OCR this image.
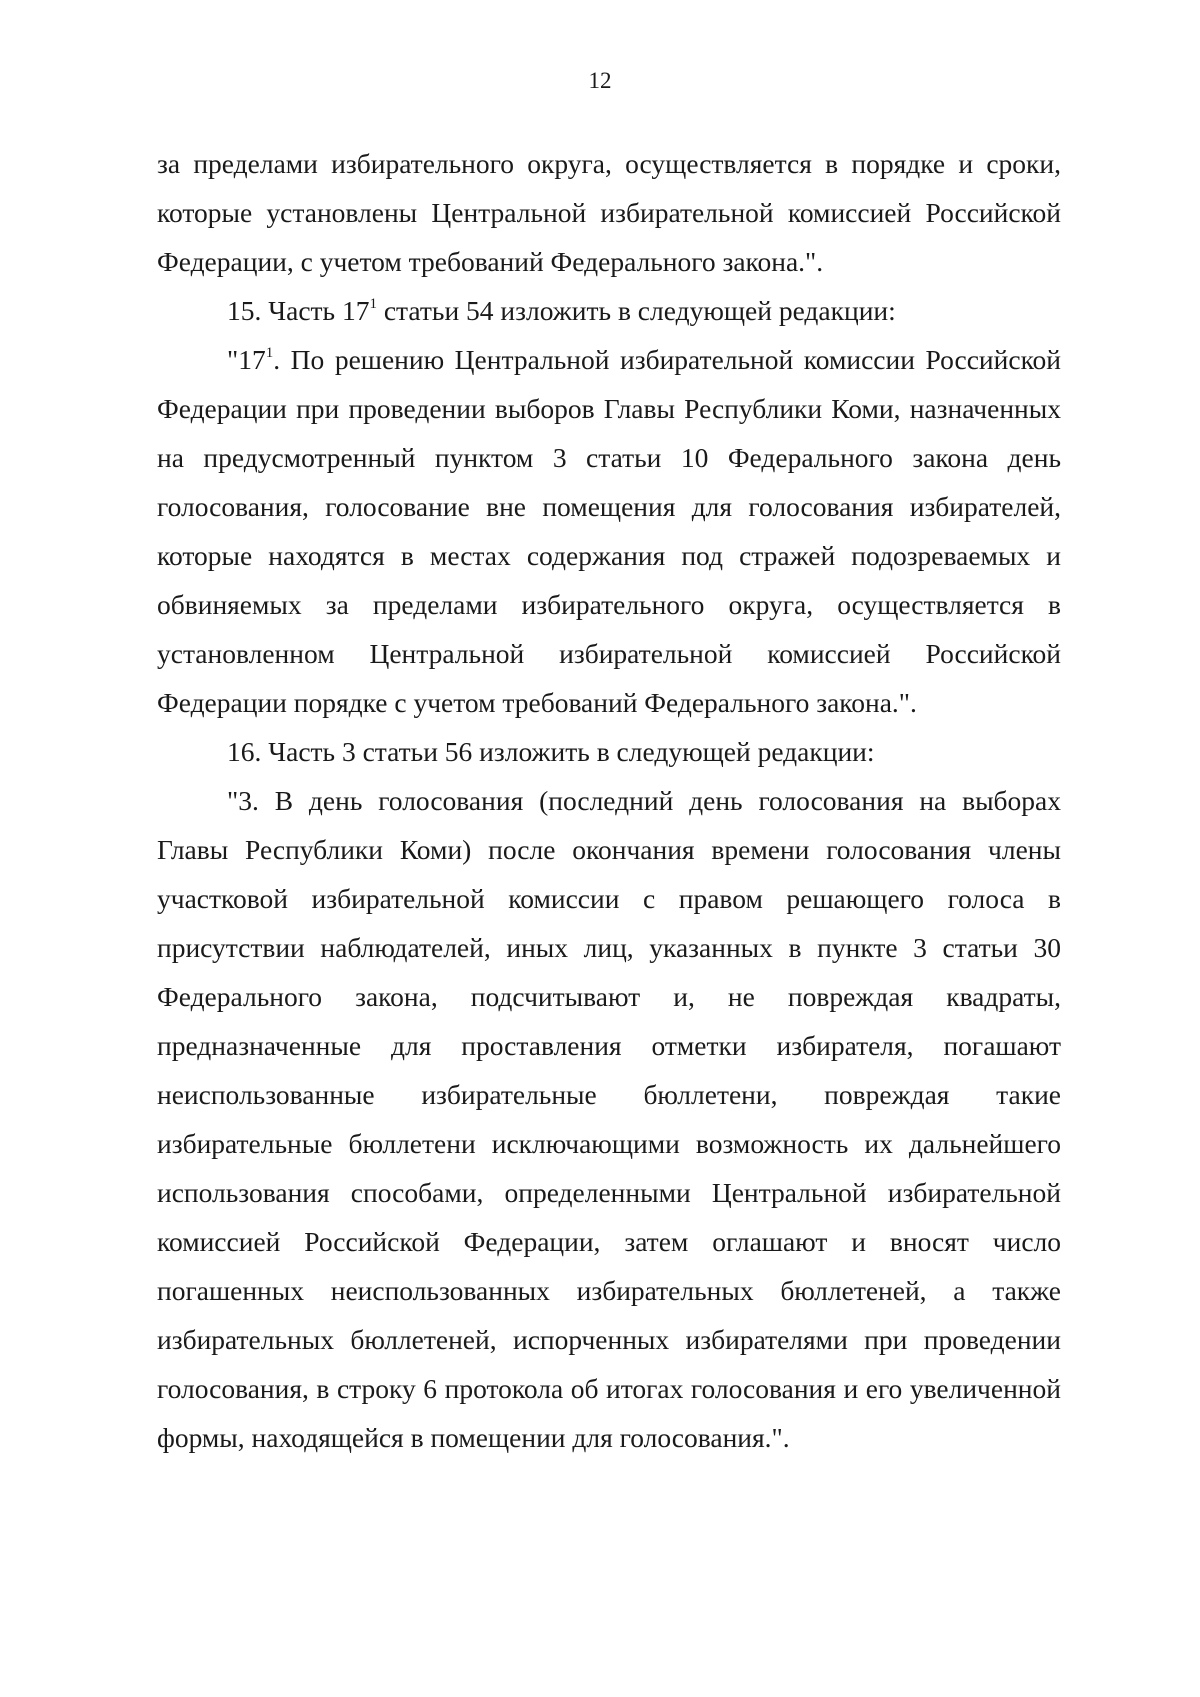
12

за пределами избирательного округа, осуществляется в порядке и сроки, которые установлены Центральной избирательной комиссией Российской Федерации, с учетом требований Федерального закона.".

15. Часть $17^1$ статьи 54 изложить в следующей редакции:

"$17^1$. По решению Центральной избирательной комиссии Российской Федерации при проведении выборов Главы Республики Коми, назначенных на предусмотренный пунктом 3 статьи 10 Федерального закона день голосования, голосование вне помещения для голосования избирателей, которые находятся в местах содержания под стражей подозреваемых и обвиняемых за пределами избирательного округа, осуществляется в установленном Центральной избирательной комиссией Российской Федерации порядке с учетом требований Федерального закона.".

16. Часть 3 статьи 56 изложить в следующей редакции:

"3. В день голосования (последний день голосования на выборах Главы Республики Коми) после окончания времени голосования члены участковой избирательной комиссии с правом решающего голоса в присутствии наблюдателей, иных лиц, указанных в пункте 3 статьи 30 Федерального закона, подсчитывают и, не повреждая квадраты, предназначенные для проставления отметки избирателя, погашают неиспользованные избирательные бюллетени, повреждая такие избирательные бюллетени исключающими возможность их дальнейшего использования способами, определенными Центральной избирательной комиссией Российской Федерации, затем оглашают и вносят число погашенных неиспользованных избирательных бюллетеней, а также избирательных бюллетеней, испорченных избирателями при проведении голосования, в строку 6 протокола об итогах голосования и его увеличенной формы, находящейся в помещении для голосования.".
